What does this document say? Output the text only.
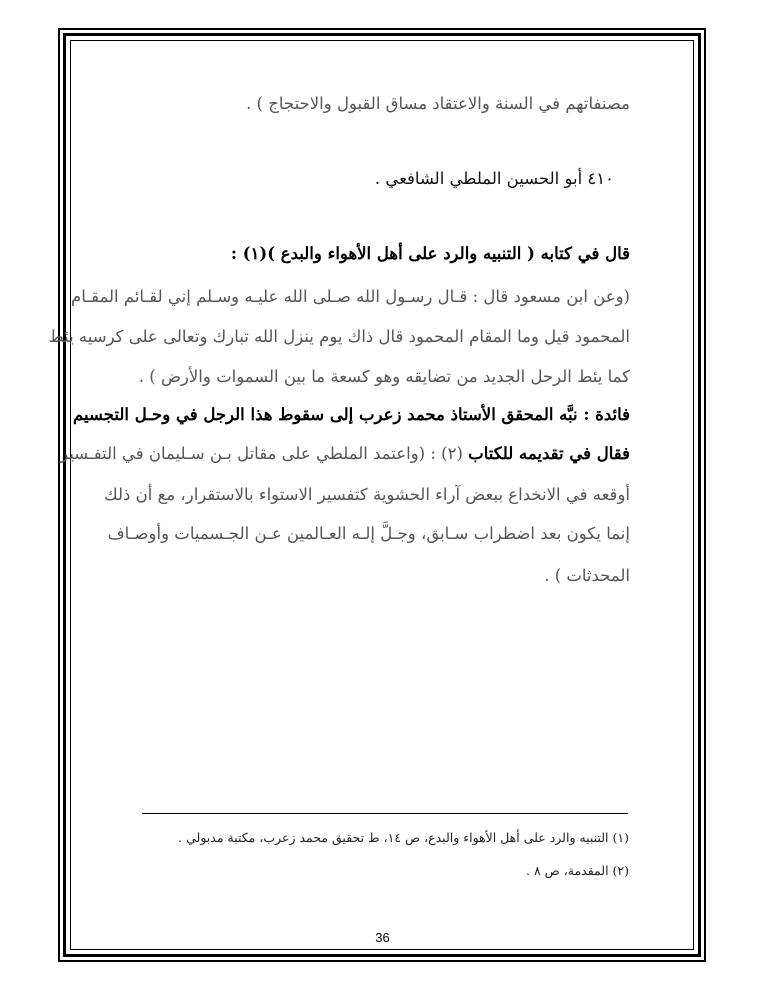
مصنفاتهم في السنة والاعتقاد مساق القبول والاحتجاج ) .
٤١٠ أبو الحسين الملطي الشافعي .
قال في كتابه ( التنبيه والرد على أهل الأهواء والبدع )(١) :
(وعن ابن مسعود قال : قـال رسـول الله صـلى الله عليـه وسـلم إني لقـائم المقـام
المحمود قيل وما المقام المحمود قال ذاك يوم ينزل الله تبارك وتعالى على كرسيه يئط
كما يئط الرحل الجديد من تضايقه وهو كسعة ما بين السموات والأرض ) .
فائدة : نبَّه المحقق الأستاذ محمد زعرب إلى سقوط هذا الرجل في وحـل التجسيم
فقال في تقديمه للكتاب (٢) : (واعتمد الملطي على مقاتل بـن سـليمان في التفـسير
أوقعه في الانخداع ببعض آراء الحشوية كتفسير الاستواء بالاستقرار، مع أن ذلك
إنما يكون بعد اضطراب سـابق، وجـلَّ إلـه العـالمين عـن الجـسميات وأوصـاف
المحدثات ) .
(١) التنبيه والرد على أهل الأهواء والبدع، ص ١٤، ط تحقيق محمد زعرب، مكتبة مدبولي .
(٢) المقدمة، ص ٨ .
36
